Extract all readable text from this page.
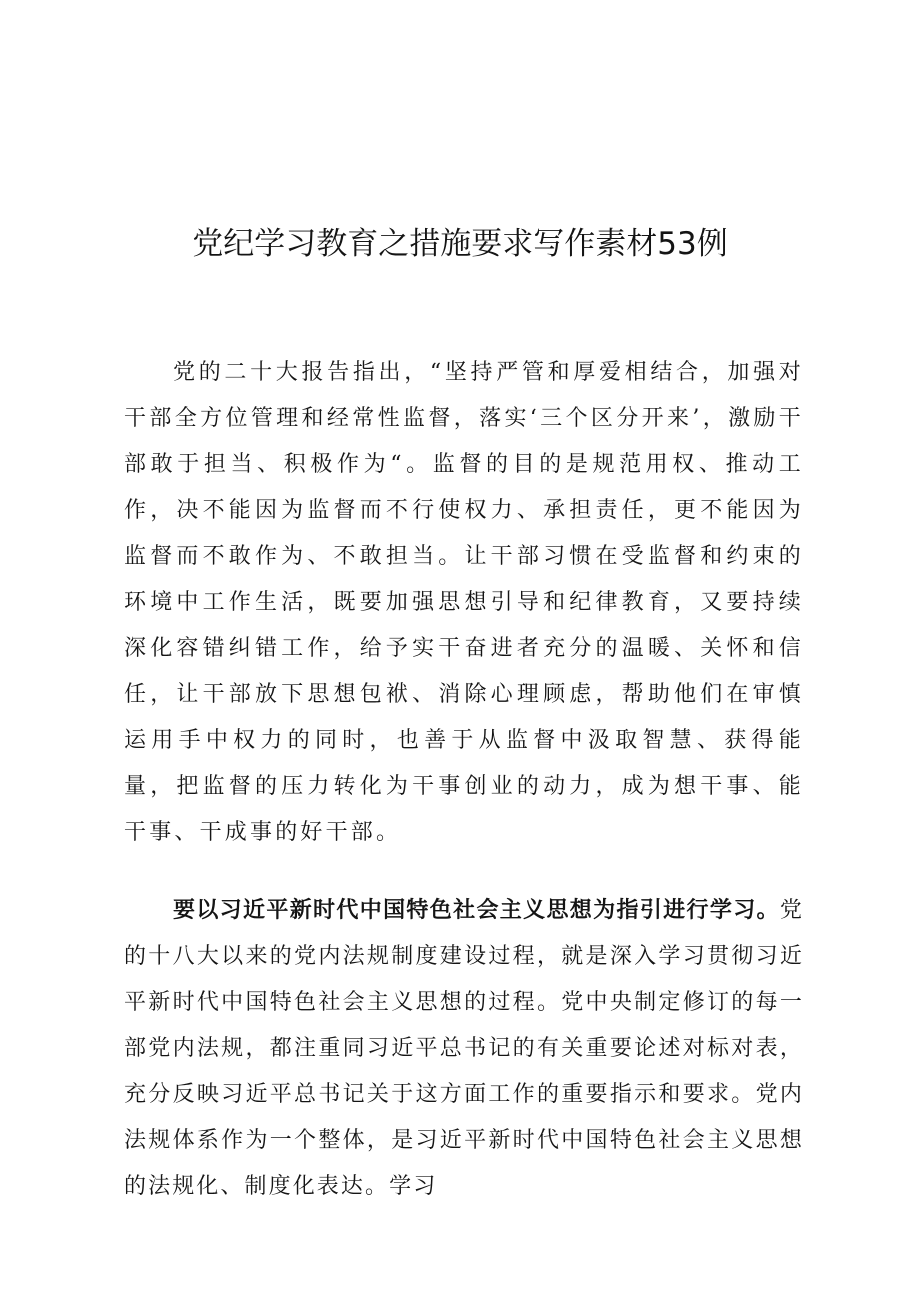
党纪学习教育之措施要求写作素材53例

党的二十大报告指出，“坚持严管和厚爱相结合，加强对干部全方位管理和经常性监督，落实‘三个区分开来’，激励干部敢于担当、积极作为“。监督的目的是规范用权、推动工作，决不能因为监督而不行使权力、承担责任，更不能因为监督而不敢作为、不敢担当。让干部习惯在受监督和约束的环境中工作生活，既要加强思想引导和纪律教育，又要持续深化容错纠错工作，给予实干奋进者充分的温暖、关怀和信任，让干部放下思想包袱、消除心理顾虑，帮助他们在审慎运用手中权力的同时，也善于从监督中汲取智慧、获得能量，把监督的压力转化为干事创业的动力，成为想干事、能干事、干成事的好干部。

要以习近平新时代中国特色社会主义思想为指引进行学习。党的十八大以来的党内法规制度建设过程，就是深入学习贯彻习近平新时代中国特色社会主义思想的过程。党中央制定修订的每一部党内法规，都注重同习近平总书记的有关重要论述对标对表，充分反映习近平总书记关于这方面工作的重要指示和要求。党内法规体系作为一个整体，是习近平新时代中国特色社会主义思想的法规化、制度化表达。学习
